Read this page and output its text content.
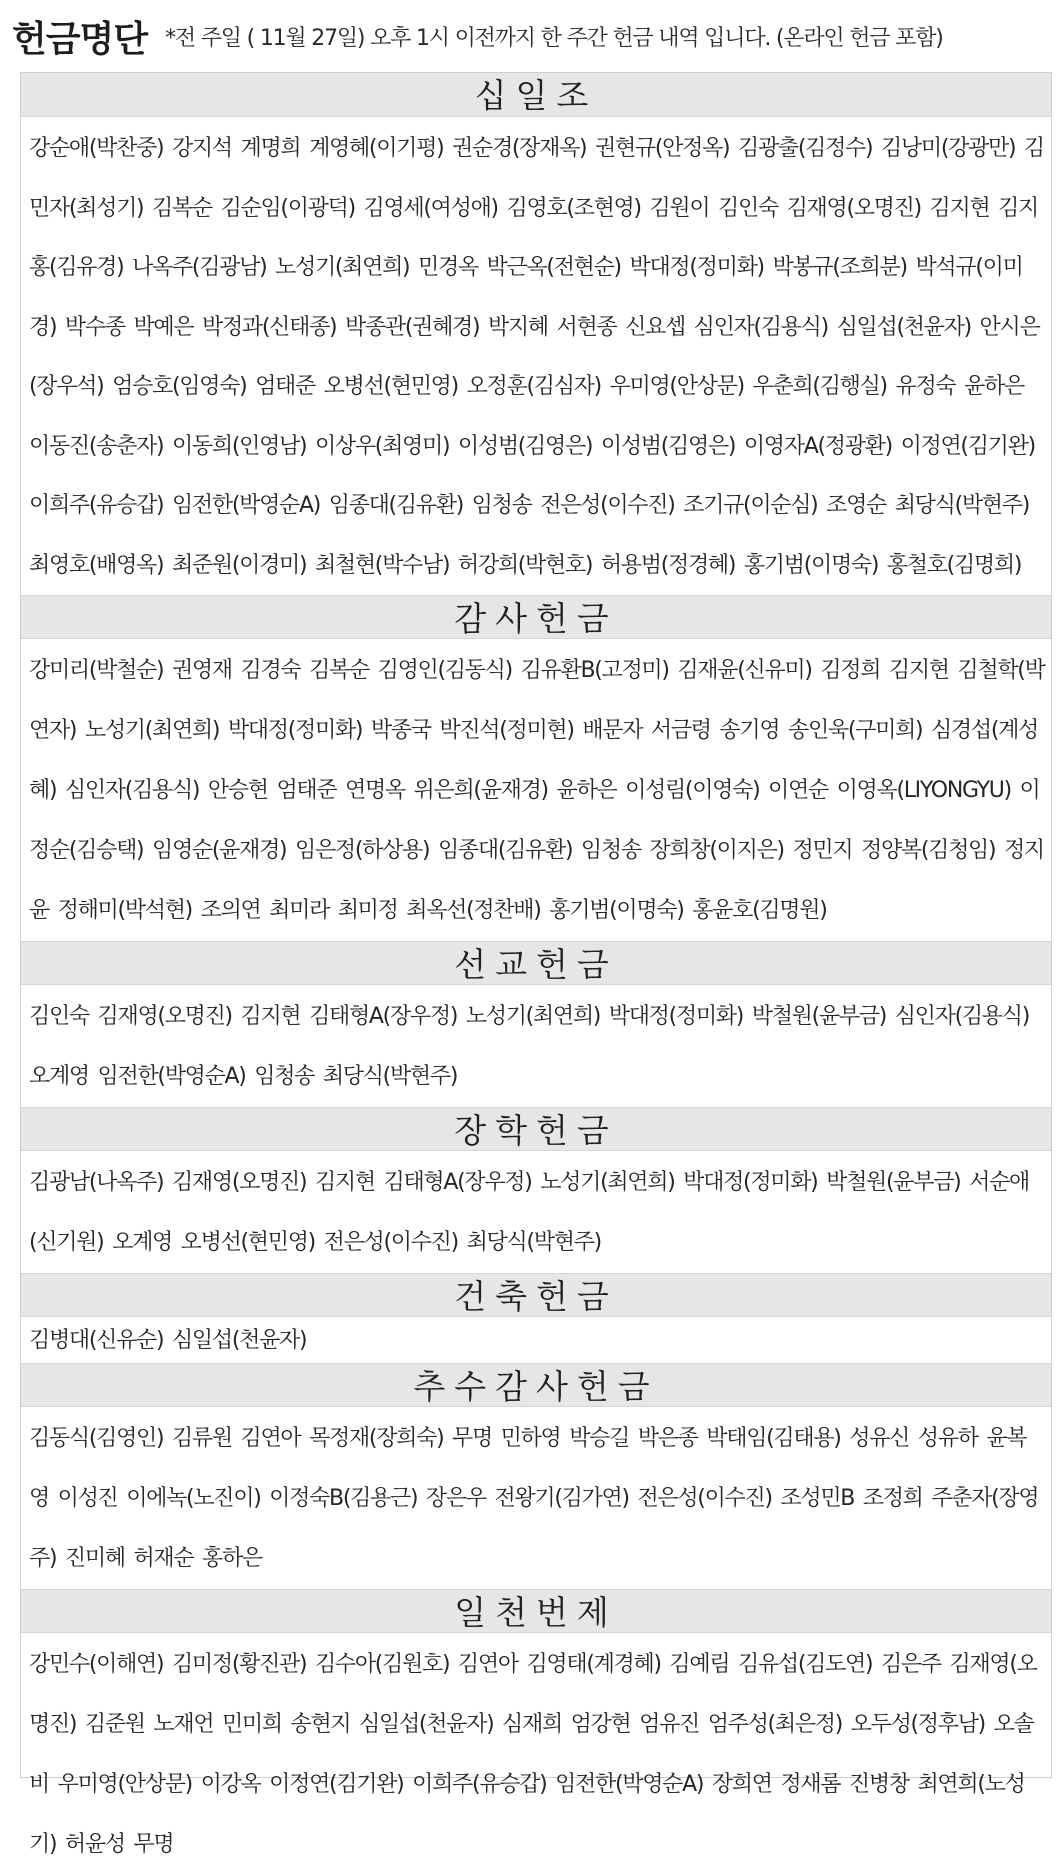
헌금명단 *전 주일 ( 11월 27일) 오후 1시 이전까지 한 주간 헌금 내역 입니다. (온라인 헌금 포함)
십일조
강순애(박찬중) 강지석 계명희 계영혜(이기평) 권순경(장재옥) 권현규(안정옥) 김광출(김정수) 김낭미(강광만) 김민자(최성기) 김복순 김순임(이광덕) 김영세(여성애) 김영호(조현영) 김원이 김인숙 김재영(오명진) 김지현 김지홍(김유경) 나옥주(김광남) 노성기(최연희) 민경옥 박근옥(전현순) 박대정(정미화) 박봉규(조희분) 박석규(이미경) 박수종 박예은 박정과(신태종) 박종관(권혜경) 박지혜 서현종 신요셉 심인자(김용식) 심일섭(천윤자) 안시은(장우석) 엄승호(임영숙) 엄태준 오병선(현민영) 오정훈(김심자) 우미영(안상문) 우춘희(김행실) 유정숙 윤하은 이동진(송춘자) 이동희(인영남) 이상우(최영미) 이성범(김영은) 이성범(김영은) 이영자A(정광환) 이정연(김기완) 이희주(유승갑) 임전한(박영순A) 임종대(김유환) 임청송 전은성(이수진) 조기규(이순심) 조영순 최당식(박현주) 최영호(배영옥) 최준원(이경미) 최철현(박수남) 허강희(박현호) 허용범(정경혜) 홍기범(이명숙) 홍철호(김명희)
감사헌금
강미리(박철순) 권영재 김경숙 김복순 김영인(김동식) 김유환B(고정미) 김재윤(신유미) 김정희 김지현 김철학(박연자) 노성기(최연희) 박대정(정미화) 박종국 박진석(정미현) 배문자 서금령 송기영 송인욱(구미희) 심경섭(계성혜) 심인자(김용식) 안승현 엄태준 연명옥 위은희(윤재경) 윤하은 이성림(이영숙) 이연순 이영옥(LIYONGYU) 이정순(김승택) 임영순(윤재경) 임은정(하상용) 임종대(김유환) 임청송 장희창(이지은) 정민지 정양복(김청임) 정지윤 정해미(박석현) 조의연 최미라 최미정 최옥선(정찬배) 홍기범(이명숙) 홍윤호(김명원)
선교헌금
김인숙 김재영(오명진) 김지현 김태형A(장우정) 노성기(최연희) 박대정(정미화) 박철원(윤부금) 심인자(김용식) 오계영 임전한(박영순A) 임청송 최당식(박현주)
장학헌금
김광남(나옥주) 김재영(오명진) 김지현 김태형A(장우정) 노성기(최연희) 박대정(정미화) 박철원(윤부금) 서순애(신기원) 오계영 오병선(현민영) 전은성(이수진) 최당식(박현주)
건축헌금
김병대(신유순) 심일섭(천윤자)
추수감사헌금
김동식(김영인) 김류원 김연아 목정재(장희숙) 무명 민하영 박승길 박은종 박태임(김태용) 성유신 성유하 윤복영 이성진 이에녹(노진이) 이정숙B(김용근) 장은우 전왕기(김가연) 전은성(이수진) 조성민B 조정희 주춘자(장영주) 진미혜 허재순 홍하은
일천번제
강민수(이해연) 김미정(황진관) 김수아(김원호) 김연아 김영태(계경혜) 김예림 김유섭(김도연) 김은주 김재영(오명진) 김준원 노재언 민미희 송현지 심일섭(천윤자) 심재희 엄강현 엄유진 엄주성(최은정) 오두성(정후남) 오솔비 우미영(안상문) 이강옥 이정연(김기완) 이희주(유승갑) 임전한(박영순A) 장희연 정새롬 진병창 최연희(노성기) 허윤성 무명
